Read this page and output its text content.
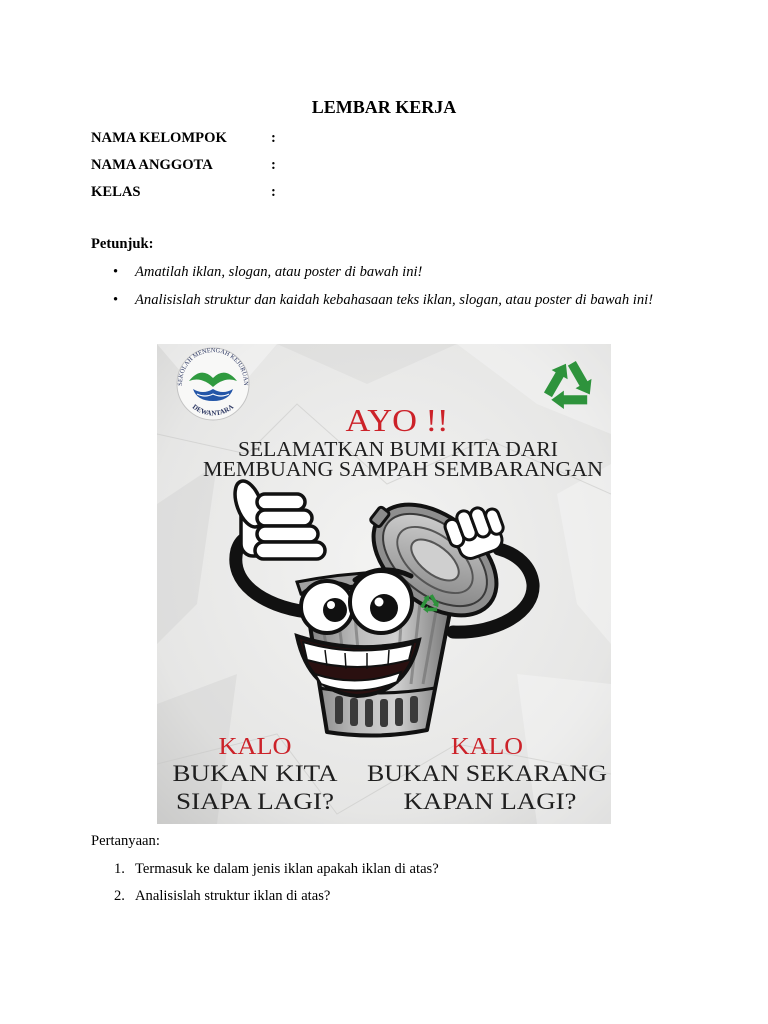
LEMBAR KERJA
NAMA KELOMPOK	:
NAMA ANGGOTA	:
KELAS	:
Petunjuk:
• Amatilah iklan, slogan, atau poster di bawah ini!
• Analisislah struktur dan kaidah kebahasaan teks iklan, slogan, atau poster di bawah ini!
SEKOLAH MENENGAH KEJURUAN
DEWANTARA	AYO !!
SELAMATKAN BUMI KITA DARI
MEMBUANG SAMPAH SEMBARANGAN
KALO
BUKAN KITA
SIAPA LAGI?
KALO
BUKAN SEKARANG
KAPAN LAGI?
Pertanyaan:
1. Termasuk ke dalam jenis iklan apakah iklan di atas?
2. Analisislah struktur iklan di atas?
